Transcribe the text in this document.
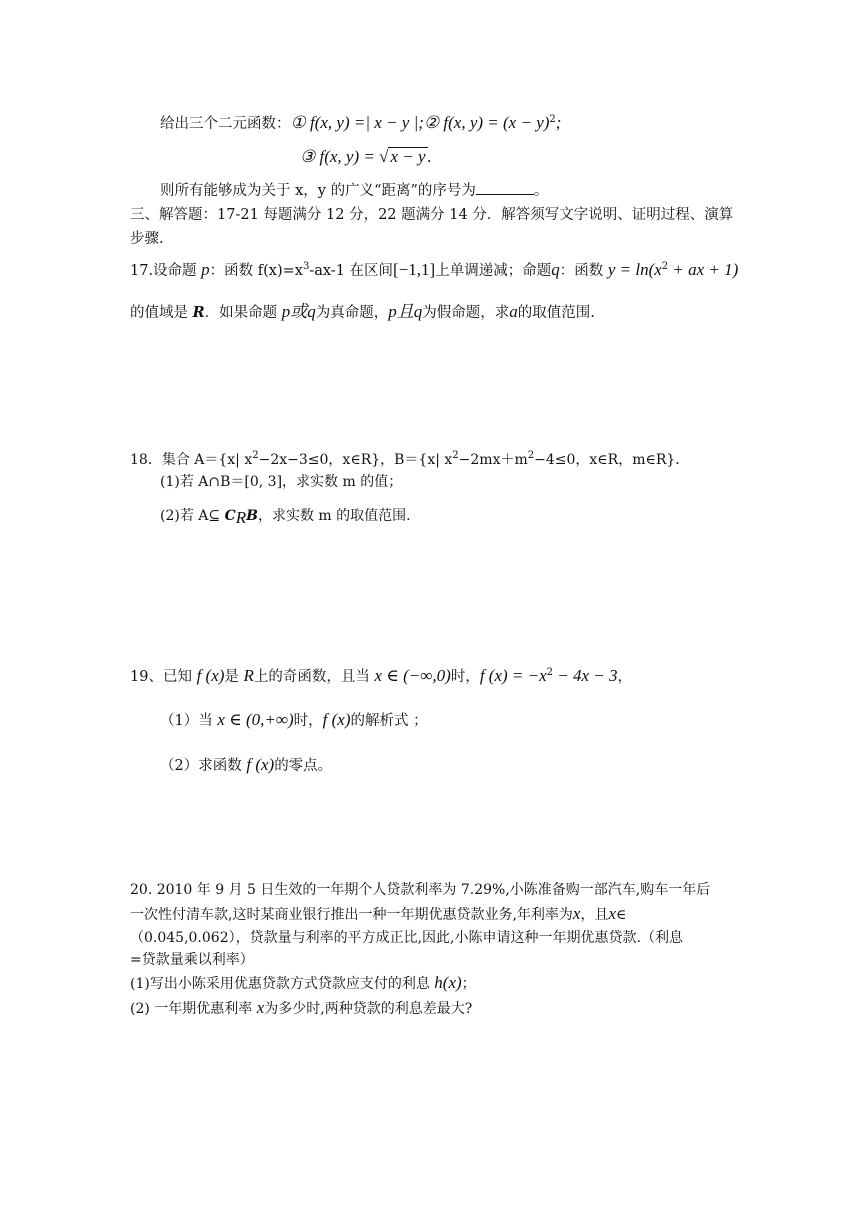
给出三个二元函数：① f(x, y) =| x − y |;② f(x, $y) = (x - y)^2$;
③ f(x, y) = √ x − y .
则所有能够成为关于 x，y 的广义“距离”的序号为	。
三、解答题：17-21 每题满分 12 分，22 题满分 14 分．解答须写文字说明、证明过程、演算
步骤.
17.设命题 p：函数 $f(x)=x^3-ax-1$ 在区间[−1,1]上单调递减；命题q：函数 $y = \ln(x^2$ + ax + 1)
的值域是 R．如果命题 p或q为真命题，p且q为假命题，求a的取值范围.
18．集合 A＝{x| $x^2-2x-3\le 0$，x∈R}，B＝{x| $x^2-2mx+m^2-4\le 0$，x∈R，m∈R}．
(1)若 A∩B＝[0, 3]，求实数 m 的值；
(2)若 A⊆ $C_RB$，求实数 m 的取值范围.
19、已知 f (x)是 R上的奇函数，且当 x ∈ (−∞,0)时，f $(x) = -x^2 - 4x - 3$，
（1）当 x ∈ (0,+∞)时，f (x)的解析式 ；
（2）求函数 f (x)的零点。
20. 2010 年 9 月 5 日生效的一年期个人贷款利率为 7.29%,小陈准备购一部汽车,购车一年后
一次性付清车款,这时某商业银行推出一种一年期优惠贷款业务,年利率为x，且x∈
（0.045,0.062），贷款量与利率的平方成正比,因此,小陈申请这种一年期优惠贷款.（利息
=贷款量乘以利率）
(1)写出小陈采用优惠贷款方式贷款应支付的利息 h(x)；
(2) 一年期优惠利率 x为多少时,两种贷款的利息差最大?
